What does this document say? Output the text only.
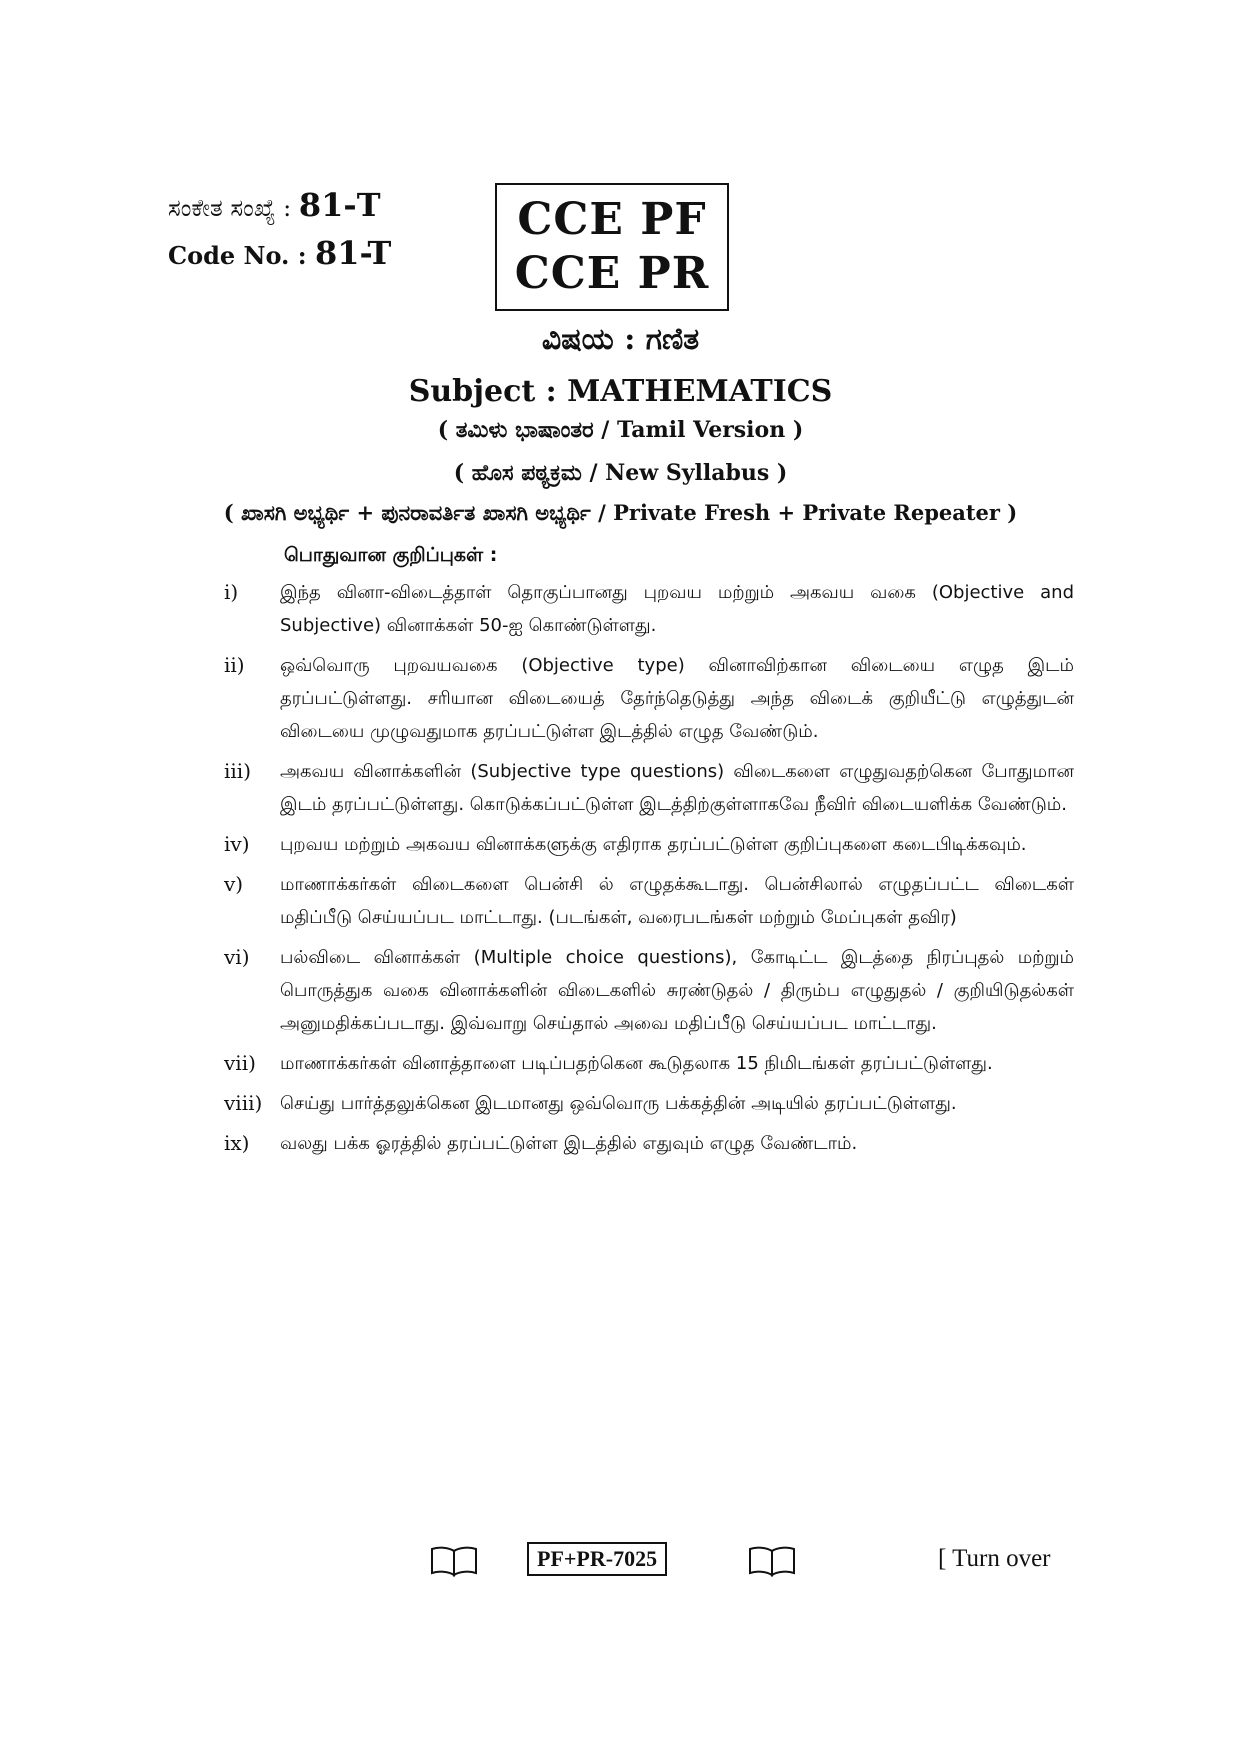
ಸಂಕೇತ ಸಂಖ್ಯೆ : 81-T
Code No. : 81-T
CCE PF
CCE PR
ವಿಷಯ : ಗಣಿತ
Subject : MATHEMATICS
( ತಮಿಳು ಭಾಷಾಂತರ / Tamil Version )
( ಹೊಸ ಪಠ್ಯಕ್ರಮ / New Syllabus )
( ಖಾಸಗಿ ಅಭ್ಯರ್ಥಿ + ಪುನರಾವರ್ತಿತ ಖಾಸಗಿ ಅಭ್ಯರ್ಥಿ / Private Fresh + Private Repeater )
பொதுவான குறிப்புகள் :
i)	இந்த வினா-விடைத்தாள் தொகுப்பானது புறவய மற்றும் அகவய வகை (Objective and Subjective) வினாக்கள் 50-ஐ கொண்டுள்ளது.
ii)	ஒவ்வொரு புறவயவகை (Objective type) வினாவிற்கான விடையை எழுத இடம் தரப்பட்டுள்ளது. சரியான விடையைத் தேர்ந்தெடுத்து அந்த விடைக் குறியீட்டு எழுத்துடன் விடையை முழுவதுமாக தரப்பட்டுள்ள இடத்தில் எழுத வேண்டும்.
iii)	அகவய வினாக்களின் (Subjective type questions) விடைகளை எழுதுவதற்கென போதுமான இடம் தரப்பட்டுள்ளது. கொடுக்கப்பட்டுள்ள இடத்திற்குள்ளாகவே நீவிர் விடையளிக்க வேண்டும்.
iv)	புறவய மற்றும் அகவய வினாக்களுக்கு எதிராக தரப்பட்டுள்ள குறிப்புகளை கடைபிடிக்கவும்.
v)	மாணாக்கர்கள் விடைகளை பென்சி ல் எழுதக்கூடாது. பென்சிலால் எழுதப்பட்ட விடைகள் மதிப்பீடு செய்யப்பட மாட்டாது. (படங்கள், வரைபடங்கள் மற்றும் மேப்புகள் தவிர)
vi)	பல்விடை வினாக்கள் (Multiple choice questions), கோடிட்ட இடத்தை நிரப்புதல் மற்றும் பொருத்துக வகை வினாக்களின் விடைகளில் சுரண்டுதல் / திரும்ப எழுதுதல் / குறியிடுதல்கள் அனுமதிக்கப்படாது. இவ்வாறு செய்தால் அவை மதிப்பீடு செய்யப்பட மாட்டாது.
vii)	மாணாக்கர்கள் வினாத்தாளை படிப்பதற்கென கூடுதலாக 15 நிமிடங்கள் தரப்பட்டுள்ளது.
viii) செய்து பார்த்தலுக்கென இடமானது ஒவ்வொரு பக்கத்தின் அடியில் தரப்பட்டுள்ளது.
ix)	வலது பக்க ஓரத்தில் தரப்பட்டுள்ள இடத்தில் எதுவும் எழுத வேண்டாம்.
PF+PR-7025	[ Turn over
